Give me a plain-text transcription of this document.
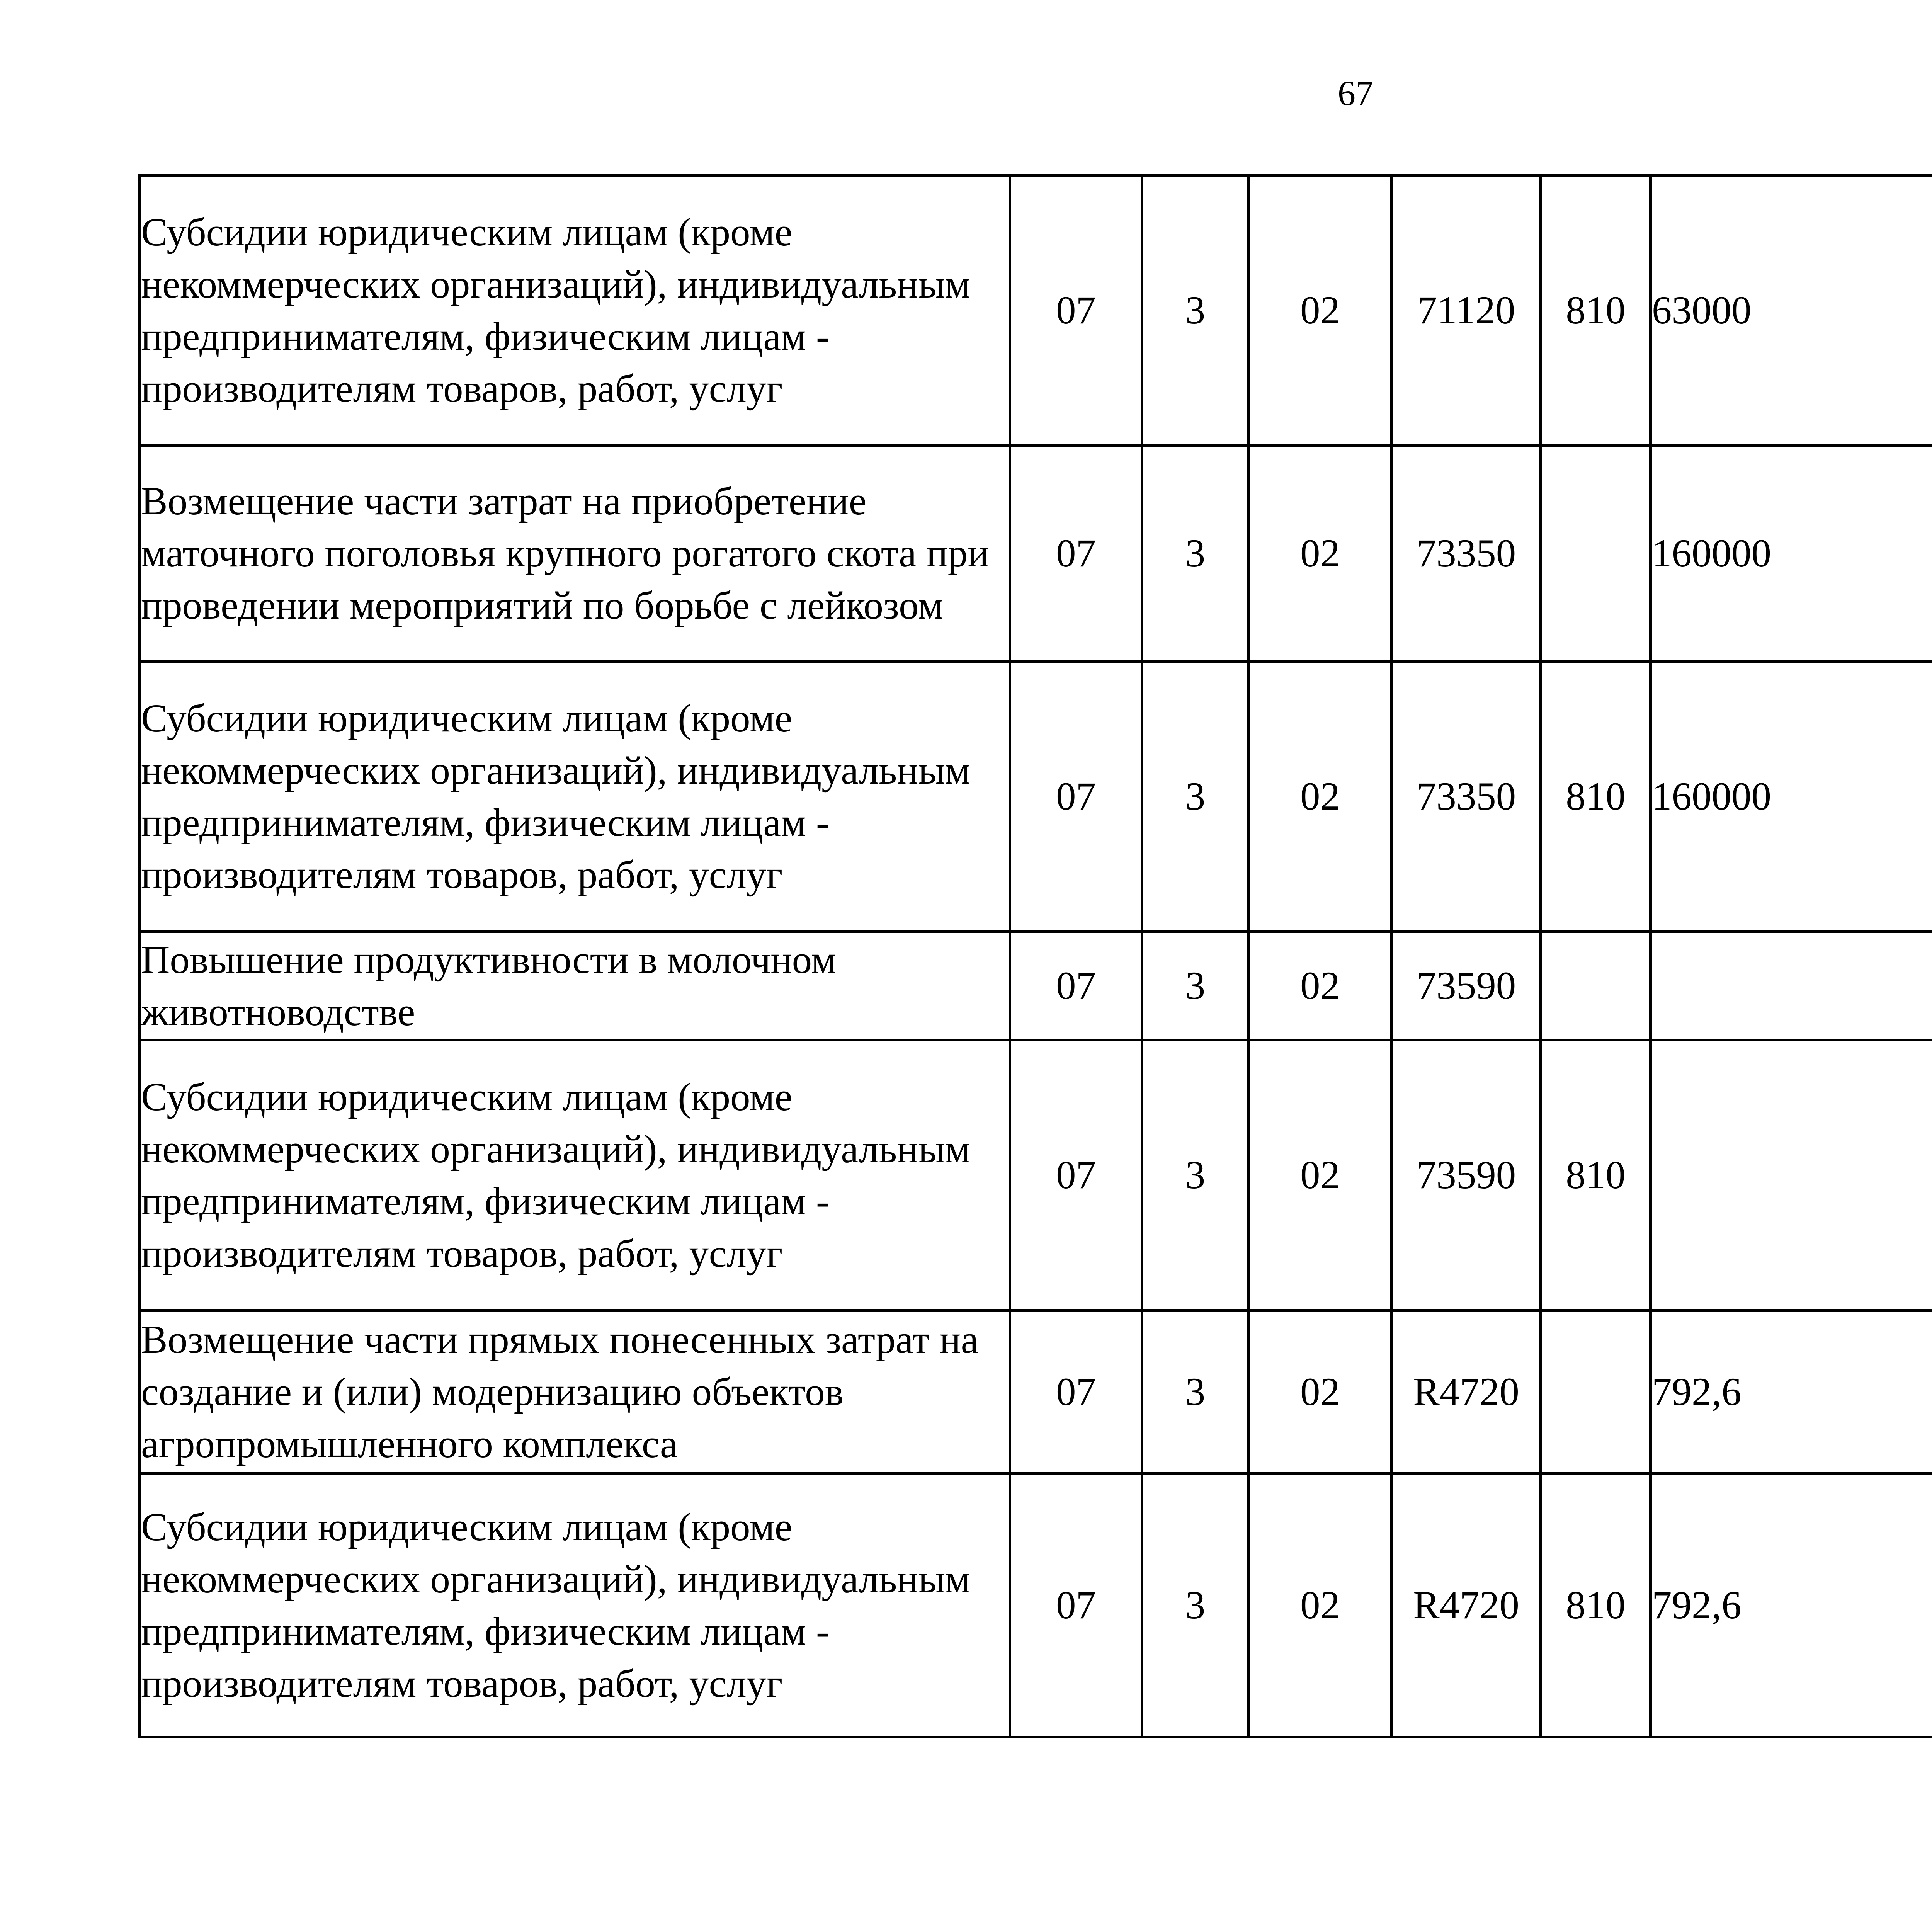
67
Субсидии юридическим лицам (кроме некоммерческих организаций), индивидуальным предпринимателям, физическим лицам - производителям товаров, работ, услуг	07	3	02	71120	810	63000		
Возмещение части затрат на приобретение маточного поголовья крупного рогатого скота при проведении мероприятий по борьбе с лейкозом	07	3	02	73350		160000		
Субсидии юридическим лицам (кроме некоммерческих организаций), индивидуальным предпринимателям, физическим лицам - производителям товаров, работ, услуг	07	3	02	73350	810	160000		
Повышение продуктивности в молочном животноводстве	07	3	02	73590				
Субсидии юридическим лицам (кроме некоммерческих организаций), индивидуальным предпринимателям, физическим лицам - производителям товаров, работ, услуг	07	3	02	73590	810			
Возмещение части прямых понесенных затрат на создание и (или) модернизацию объектов агропромышленного комплекса	07	3	02	R4720		792,6		
Субсидии юридическим лицам (кроме некоммерческих организаций), индивидуальным предпринимателям, физическим лицам - производителям товаров, работ, услуг	07	3	02	R4720	810	792,6		
